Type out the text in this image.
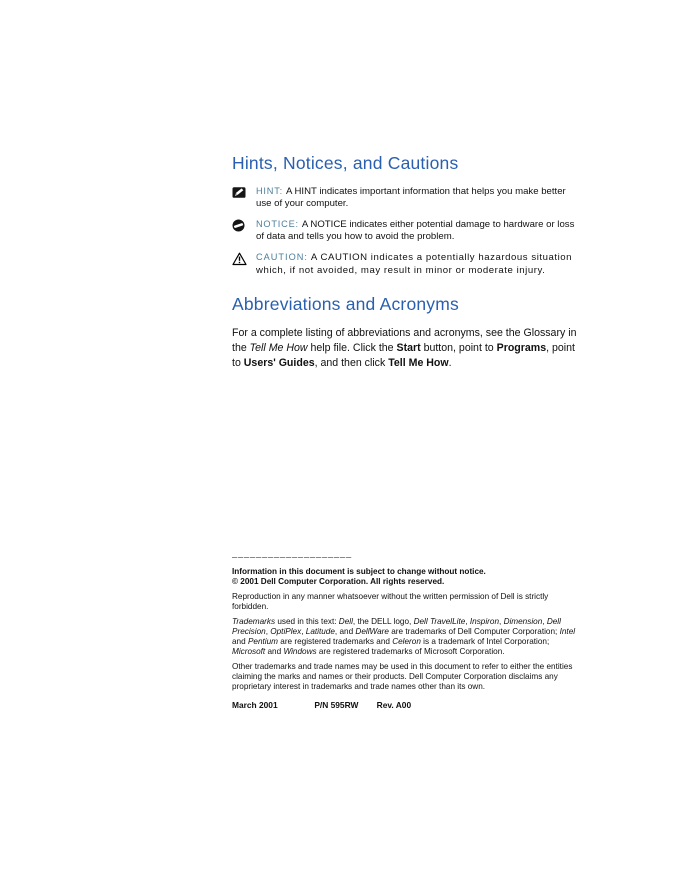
Hints, Notices, and Cautions

HINT: A HINT indicates important information that helps you make better use of your computer.

NOTICE: A NOTICE indicates either potential damage to hardware or loss of data and tells you how to avoid the problem.

CAUTION: A CAUTION indicates a potentially hazardous situation which, if not avoided, may result in minor or moderate injury.

Abbreviations and Acronyms

For a complete listing of abbreviations and acronyms, see the Glossary in the Tell Me How help file. Click the Start button, point to Programs, point to Users' Guides, and then click Tell Me How.

____________________

Information in this document is subject to change without notice.

© 2001 Dell Computer Corporation. All rights reserved.

Reproduction in any manner whatsoever without the written permission of Dell is strictly forbidden.

Trademarks used in this text: Dell, the DELL logo, Dell TravelLite, Inspiron, Dimension, Dell Precision, OptiPlex, Latitude, and DellWare are trademarks of Dell Computer Corporation; Intel and Pentium are registered trademarks and Celeron is a trademark of Intel Corporation; Microsoft and Windows are registered trademarks of Microsoft Corporation.

Other trademarks and trade names may be used in this document to refer to either the entities claiming the marks and names or their products. Dell Computer Corporation disclaims any proprietary interest in trademarks and trade names other than its own.

March 2001	P/N 595RW Rev. A00
